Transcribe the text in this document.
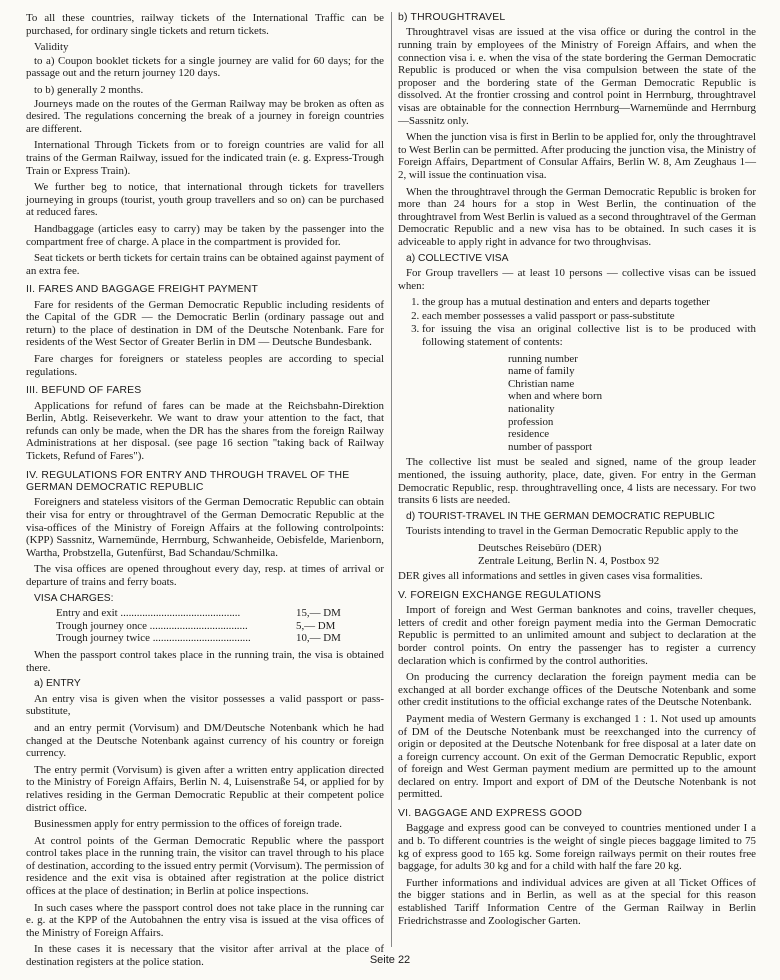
To all these countries, railway tickets of the International Traffic can be purchased, for ordinary single tickets and return tickets.

Validity

to a) Coupon booklet tickets for a single journey are valid for 60 days; for the passage out and the return journey 120 days.

to b) generally 2 months.

Journeys made on the routes of the German Railway may be broken as often as desired. The regulations concerning the break of a journey in foreign countries are different.

International Through Tickets from or to foreign countries are valid for all trains of the German Railway, issued for the indicated train (e. g. Express-Trough Train or Express Train).

We further beg to notice, that international through tickets for travellers journeying in groups (tourist, youth group travellers and so on) can be purchased at reduced fares.

Handbaggage (articles easy to carry) may be taken by the passenger into the compartment free of charge. A place in the compartment is provided for.

Seat tickets or berth tickets for certain trains can be obtained against payment of an extra fee.

II. FARES AND BAGGAGE FREIGHT PAYMENT

Fare for residents of the German Democratic Republic including residents of the Capital of the GDR — the Democratic Berlin (ordinary passage out and return) to the place of destination in DM of the Deutsche Notenbank. Fare for residents of the West Sector of Greater Berlin in DM — Deutsche Bundesbank.

Fare charges for foreigners or stateless peoples are according to special regulations.

III. BEFUND OF FARES

Applications for refund of fares can be made at the Reichsbahn-Direktion Berlin, Abtlg. Reiseverkehr. We want to draw your attention to the fact, that refunds can only be made, when the DR has the shares from the foreign Railway Administrations at her disposal. (see page 16 section "taking back of Railway Tickets, Refund of Fares").

IV. REGULATIONS FOR ENTRY AND THROUGH TRAVEL OF THE GERMAN DEMOCRATIC REPUBLIC

Foreigners and stateless visitors of the German Democratic Republic can obtain their visa for entry or throughtravel of the German Democratic Republic at the visa-offices of the Ministry of Foreign Affairs at the following controlpoints: (KPP) Sassnitz, Warnemünde, Herrnburg, Schwanheide, Oebisfelde, Marienborn, Wartha, Probstzella, Gutenfürst, Bad Schandau/Schmilka.

The visa offices are opened throughout every day, resp. at times of arrival or departure of trains and ferry boats.

VISA CHARGES:
Entry and exit ............................................	15,— DM
Trough journey once ....................................	5,— DM
Trough journey twice ....................................	10,— DM

When the passport control takes place in the running train, the visa is obtained there.

a) ENTRY

An entry visa is given when the visitor possesses a valid passport or pass-substitute,

and an entry permit (Vorvisum) and DM/Deutsche Notenbank which he had changed at the Deutsche Notenbank against currency of his country or foreign currency.

The entry permit (Vorvisum) is given after a written entry application directed to the Ministry of Foreign Affairs, Berlin N. 4, Luisenstraße 54, or applied for by relatives residing in the German Democratic Republic at their competent police district office.

Businessmen apply for entry permission to the offices of foreign trade.

At control points of the German Democratic Republic where the passport control takes place in the running train, the visitor can travel through to his place of destination, according to the issued entry permit (Vorvisum). The permission of residence and the exit visa is obtained after registration at the police district offices at the place of destination; in Berlin at police inspections.

In such cases where the passport control does not take place in the running car e. g. at the KPP of the Autobahnen the entry visa is issued at the visa offices of the Ministry of Foreign Affairs.

In these cases it is necessary that the visitor after arrival at the place of destination registers at the police station.

b) THROUGHTRAVEL

Throughtravel visas are issued at the visa office or during the control in the running train by employees of the Ministry of Foreign Affairs, and when the connection visa i. e. when the visa of the state bordering the German Democratic Republic is produced or when the visa compulsion between the state of the proposer and the bordering state of the German Democratic Republic is dissolved. At the frontier crossing and control point in Herrnburg, throughtravel visas are obtainable for the connection Herrnburg—Warnemünde and Herrnburg—Sassnitz only.

When the junction visa is first in Berlin to be applied for, only the throughtravel to West Berlin can be permitted. After producing the junction visa, the Ministry of Foreign Affairs, Department of Consular Affairs, Berlin W. 8, Am Zeughaus 1—2, will issue the continuation visa.

When the throughtravel through the German Democratic Republic is broken for more than 24 hours for a stop in West Berlin, the continuation of the throughtravel from West Berlin is valued as a second throughtravel of the German Democratic Republic and a new visa has to be obtained. In such cases it is adviceable to apply right in advance for two throughvisas.

a) COLLECTIVE VISA

For Group travellers — at least 10 persons — collective visas can be issued when:

1. the group has a mutual destination and enters and departs together
2. each member possesses a valid passport or pass-substitute
3. for issuing the visa an original collective list is to be produced with following statement of contents:
running number
name of family
Christian name
when and where born
nationality
profession
residence
number of passport

The collective list must be sealed and signed, name of the group leader mentioned, the issuing authority, place, date, given. For entry in the German Democratic Republic, resp. throughtravelling once, 4 lists are necessary. For two transits 6 lists are needed.

d) TOURIST-TRAVEL IN THE GERMAN DEMOCRATIC REPUBLIC

Tourists intending to travel in the German Democratic Republic apply to the

Deutsches Reisebüro (DER)
Zentrale Leitung, Berlin N. 4, Postbox 92

DER gives all informations and settles in given cases visa formalities.

V. FOREIGN EXCHANGE REGULATIONS

Import of foreign and West German banknotes and coins, traveller cheques, letters of credit and other foreign payment media into the German Democratic Republic is permitted to an unlimited amount and subject to declaration at the border control points. On entry the passenger has to register a currency declaration which is confirmed by the control authorities.

On producing the currency declaration the foreign payment media can be exchanged at all border exchange offices of the Deutsche Notenbank and some other credit institutions to the official exchange rates of the Deutsche Notenbank.

Payment media of Western Germany is exchanged 1 : 1. Not used up amounts of DM of the Deutsche Notenbank must be reexchanged into the currency of origin or deposited at the Deutsche Notenbank for free disposal at a later date on a foreign currency account. On exit of the German Democratic Republic, export of foreign and West German payment medium are permitted up to the amount declared on entry. Import and export of DM of the Deutsche Notenbank is not permitted.

VI. BAGGAGE AND EXPRESS GOOD

Baggage and express good can be conveyed to countries mentioned under I a and b. To different countries is the weight of single pieces baggage limited to 75 kg of express good to 165 kg. Some foreign railways permit on their routes free baggage, for adults 30 kg and for a child with half the fare 20 kg.

Further informations and individual advices are given at all Ticket Offices of the bigger stations and in Berlin, as well as at the special for this reason established Tariff Information Centre of the German Railway in Berlin Friedrichstrasse and Zoologischer Garten.

Seite 22
